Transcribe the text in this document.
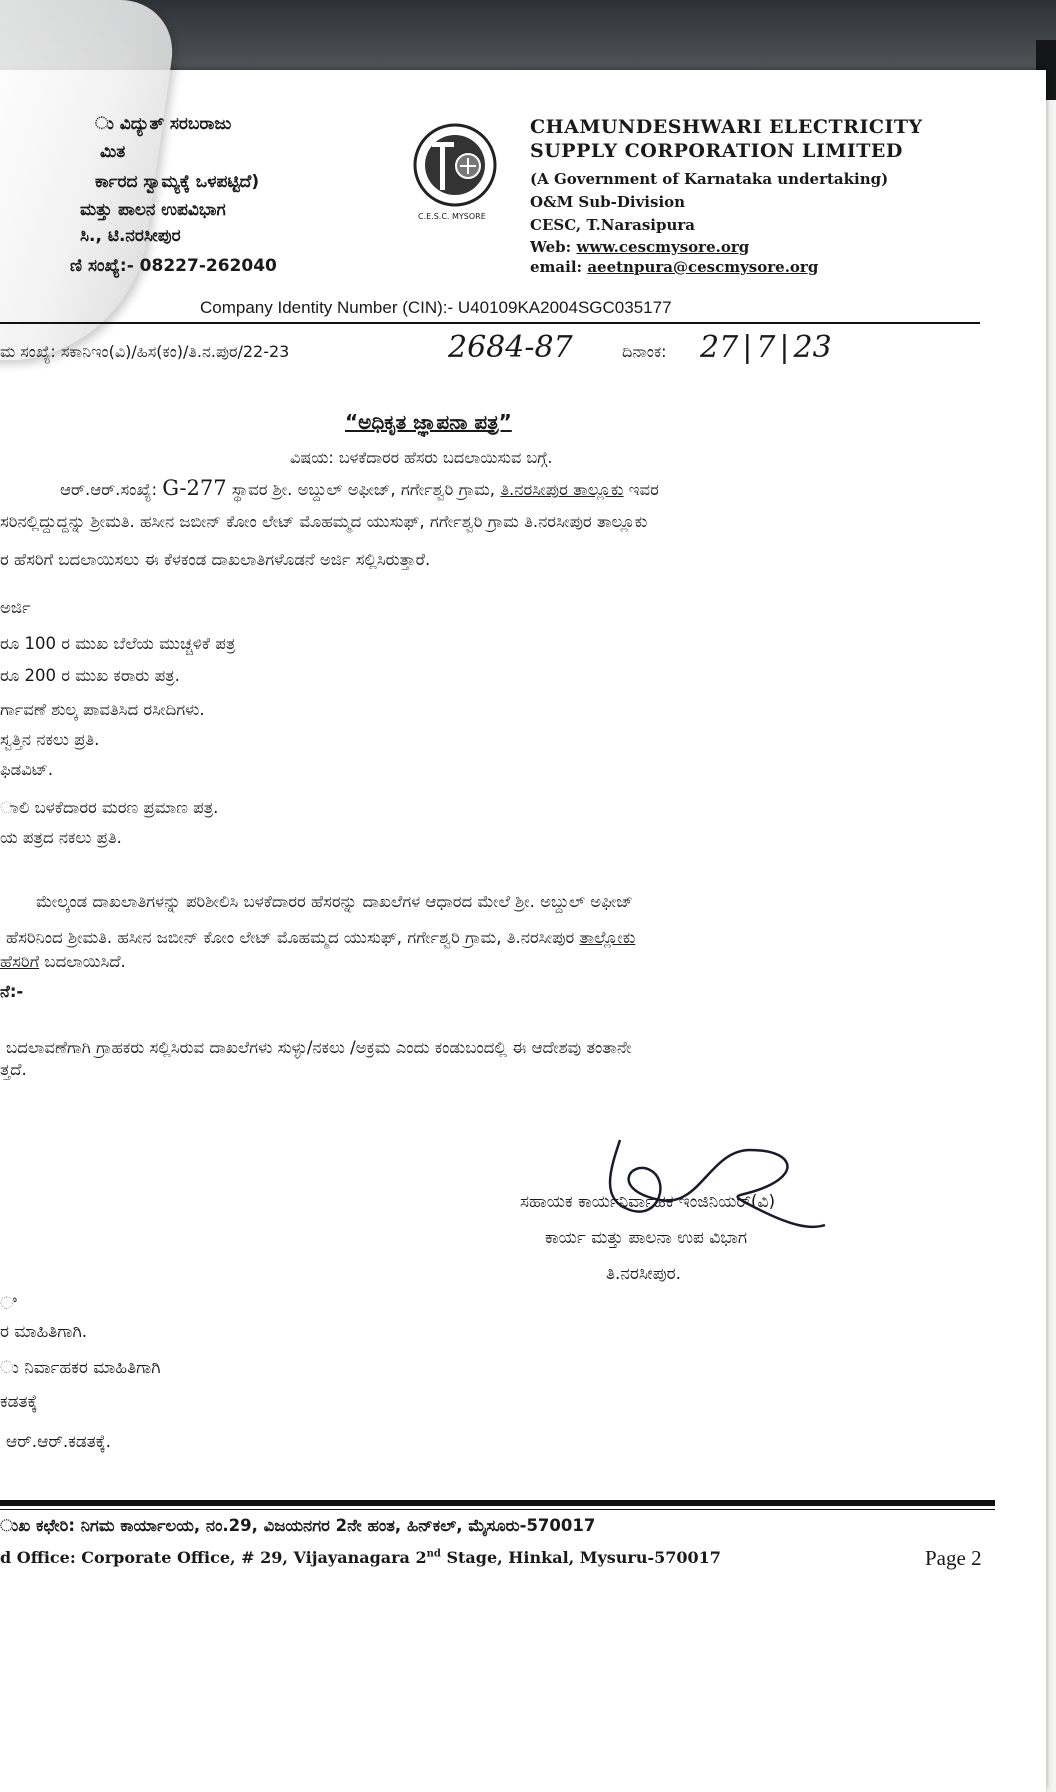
ು ವಿದ್ಯುತ್ ಸರಬರಾಜು
ಮಿತ
ರ್ಕಾರದ ಸ್ವಾಮ್ಯಕ್ಕೆ ಒಳಪಟ್ಟಿದೆ)
ಮತ್ತು ಪಾಲನ ಉಪವಿಭಾಗ
ಸಿ., ಟಿ.ನರಸೀಪುರ
ಣಿ ಸಂಖ್ಯೆ:- 08227-262040
C.E.S.C. MYSORE
CHAMUNDESHWARI ELECTRICITY
SUPPLY CORPORATION LIMITED
(A Government of Karnataka undertaking)
O&M Sub-Division
CESC, T.Narasipura
Web: www.cescmysore.org
email: aeetnpura@cescmysore.org
Company Identity Number (CIN):- U40109KA2004SGC035177
ಮ ಸಂಖ್ಯೆ: ಸಕಾನಿಇಂ(ವಿ)/ಹಿಸ(ಕಂ)/ತಿ.ನ.ಪುರ/22-23	2684-87	ದಿನಾಂಕ: 27 | 7 | 23
“ಅಧಿಕೃತ ಜ್ಞಾಪನಾ ಪತ್ರ”
ವಿಷಯ: ಬಳಕೆದಾರರ ಹೆಸರು ಬದಲಾಯಿಸುವ ಬಗ್ಗೆ.
ಆರ್.ಆರ್.ಸಂಖ್ಯೆ: G-277 ಸ್ಥಾವರ ಶ್ರೀ. ಅಬ್ದುಲ್ ಅಫೀಜ್, ಗರ್ಗೇಶ್ವರಿ ಗ್ರಾಮ, ತಿ.ನರಸೀಪುರ ತಾಲ್ಲೂಕು ಇವರ
ಸರಿನಲ್ಲಿದ್ದುದ್ದನ್ನು ಶ್ರೀಮತಿ. ಹಸೀನ ಜಬೀನ್ ಕೋಂ ಲೇಟ್ ಮೊಹಮ್ಮದ ಯುಸುಫ್, ಗರ್ಗೇಶ್ವರಿ ಗ್ರಾಮ ತಿ.ನರಸೀಪುರ ತಾಲ್ಲೂಕು
ರ ಹೆಸರಿಗೆ ಬದಲಾಯಿಸಲು ಈ ಕೆಳಕಂಡ ದಾಖಲಾತಿಗಳೊಡನೆ ಅರ್ಜಿ ಸಲ್ಲಿಸಿರುತ್ತಾರೆ.
ಅರ್ಜಿ
ರೂ 100 ರ ಮುಖ ಬೆಲೆಯ ಮುಚ್ಚಳಿಕೆ ಪತ್ರ
ರೂ 200 ರ ಮುಖ ಕರಾರು ಪತ್ರ.
ರ್ಗಾವಣೆ ಶುಲ್ಕ ಪಾವತಿಸಿದ ರಸೀದಿಗಳು.
ಸ್ವತ್ತಿನ ನಕಲು ಪ್ರತಿ.
ಫಿಡವಿಟ್.
ಾಲಿ ಬಳಕೆದಾರರ ಮರಣ ಪ್ರಮಾಣ ಪತ್ರ.
ಯ ಪತ್ರದ ನಕಲು ಪ್ರತಿ.
ಮೇಲ್ಕಂಡ ದಾಖಲಾತಿಗಳನ್ನು ಪರಿಶೀಲಿಸಿ ಬಳಕೆದಾರರ ಹೆಸರನ್ನು ದಾಖಲೆಗಳ ಆಧಾರದ ಮೇಲೆ ಶ್ರೀ. ಅಬ್ದುಲ್ ಅಫೀಜ್
ಹೆಸರಿನಿಂದ ಶ್ರೀಮತಿ. ಹಸೀನ ಜಬೀನ್ ಕೋಂ ಲೇಟ್ ಮೊಹಮ್ಮದ ಯುಸುಫ್, ಗರ್ಗೇಶ್ವರಿ ಗ್ರಾಮ, ತಿ.ನರಸೀಪುರ ತಾಲ್ಲೋಕು
ಹೆಸರಿಗೆ ಬದಲಾಯಿಸಿದೆ.
ನೆ:-
ಬದಲಾವಣೆಗಾಗಿ ಗ್ರಾಹಕರು ಸಲ್ಲಿಸಿರುವ ದಾಖಲೆಗಳು ಸುಳ್ಳು/ನಕಲು /ಅಕ್ರಮ ಎಂದು ಕಂಡುಬಂದಲ್ಲಿ ಈ ಆದೇಶವು ತಂತಾನೇ
ತ್ತದೆ.
ಸಹಾಯಕ ಕಾರ್ಯನಿರ್ವಾಹಕ ಇಂಜಿನಿಯರ್(ವಿ)
ಕಾರ್ಯ ಮತ್ತು ಪಾಲನಾ ಉಪ ವಿಭಾಗ
ತಿ.ನರಸೀಪುರ.
ಿ
ರ ಮಾಹಿತಿಗಾಗಿ.
ು ನಿರ್ವಾಹಕರ ಮಾಹಿತಿಗಾಗಿ
ಕಡತಕ್ಕೆ
ಆರ್.ಆರ್.ಕಡತಕ್ಕೆ.
ುಖ ಕಛೇರಿ: ನಿಗಮ ಕಾರ್ಯಾಲಯ, ನಂ.29, ವಿಜಯನಗರ 2ನೇ ಹಂತ, ಹಿನ್‌ಕಲ್, ಮೈಸೂರು-570017
d Office: Corporate Office, # 29, Vijayanagara 2nd Stage, Hinkal, Mysuru-570017	Page 2
